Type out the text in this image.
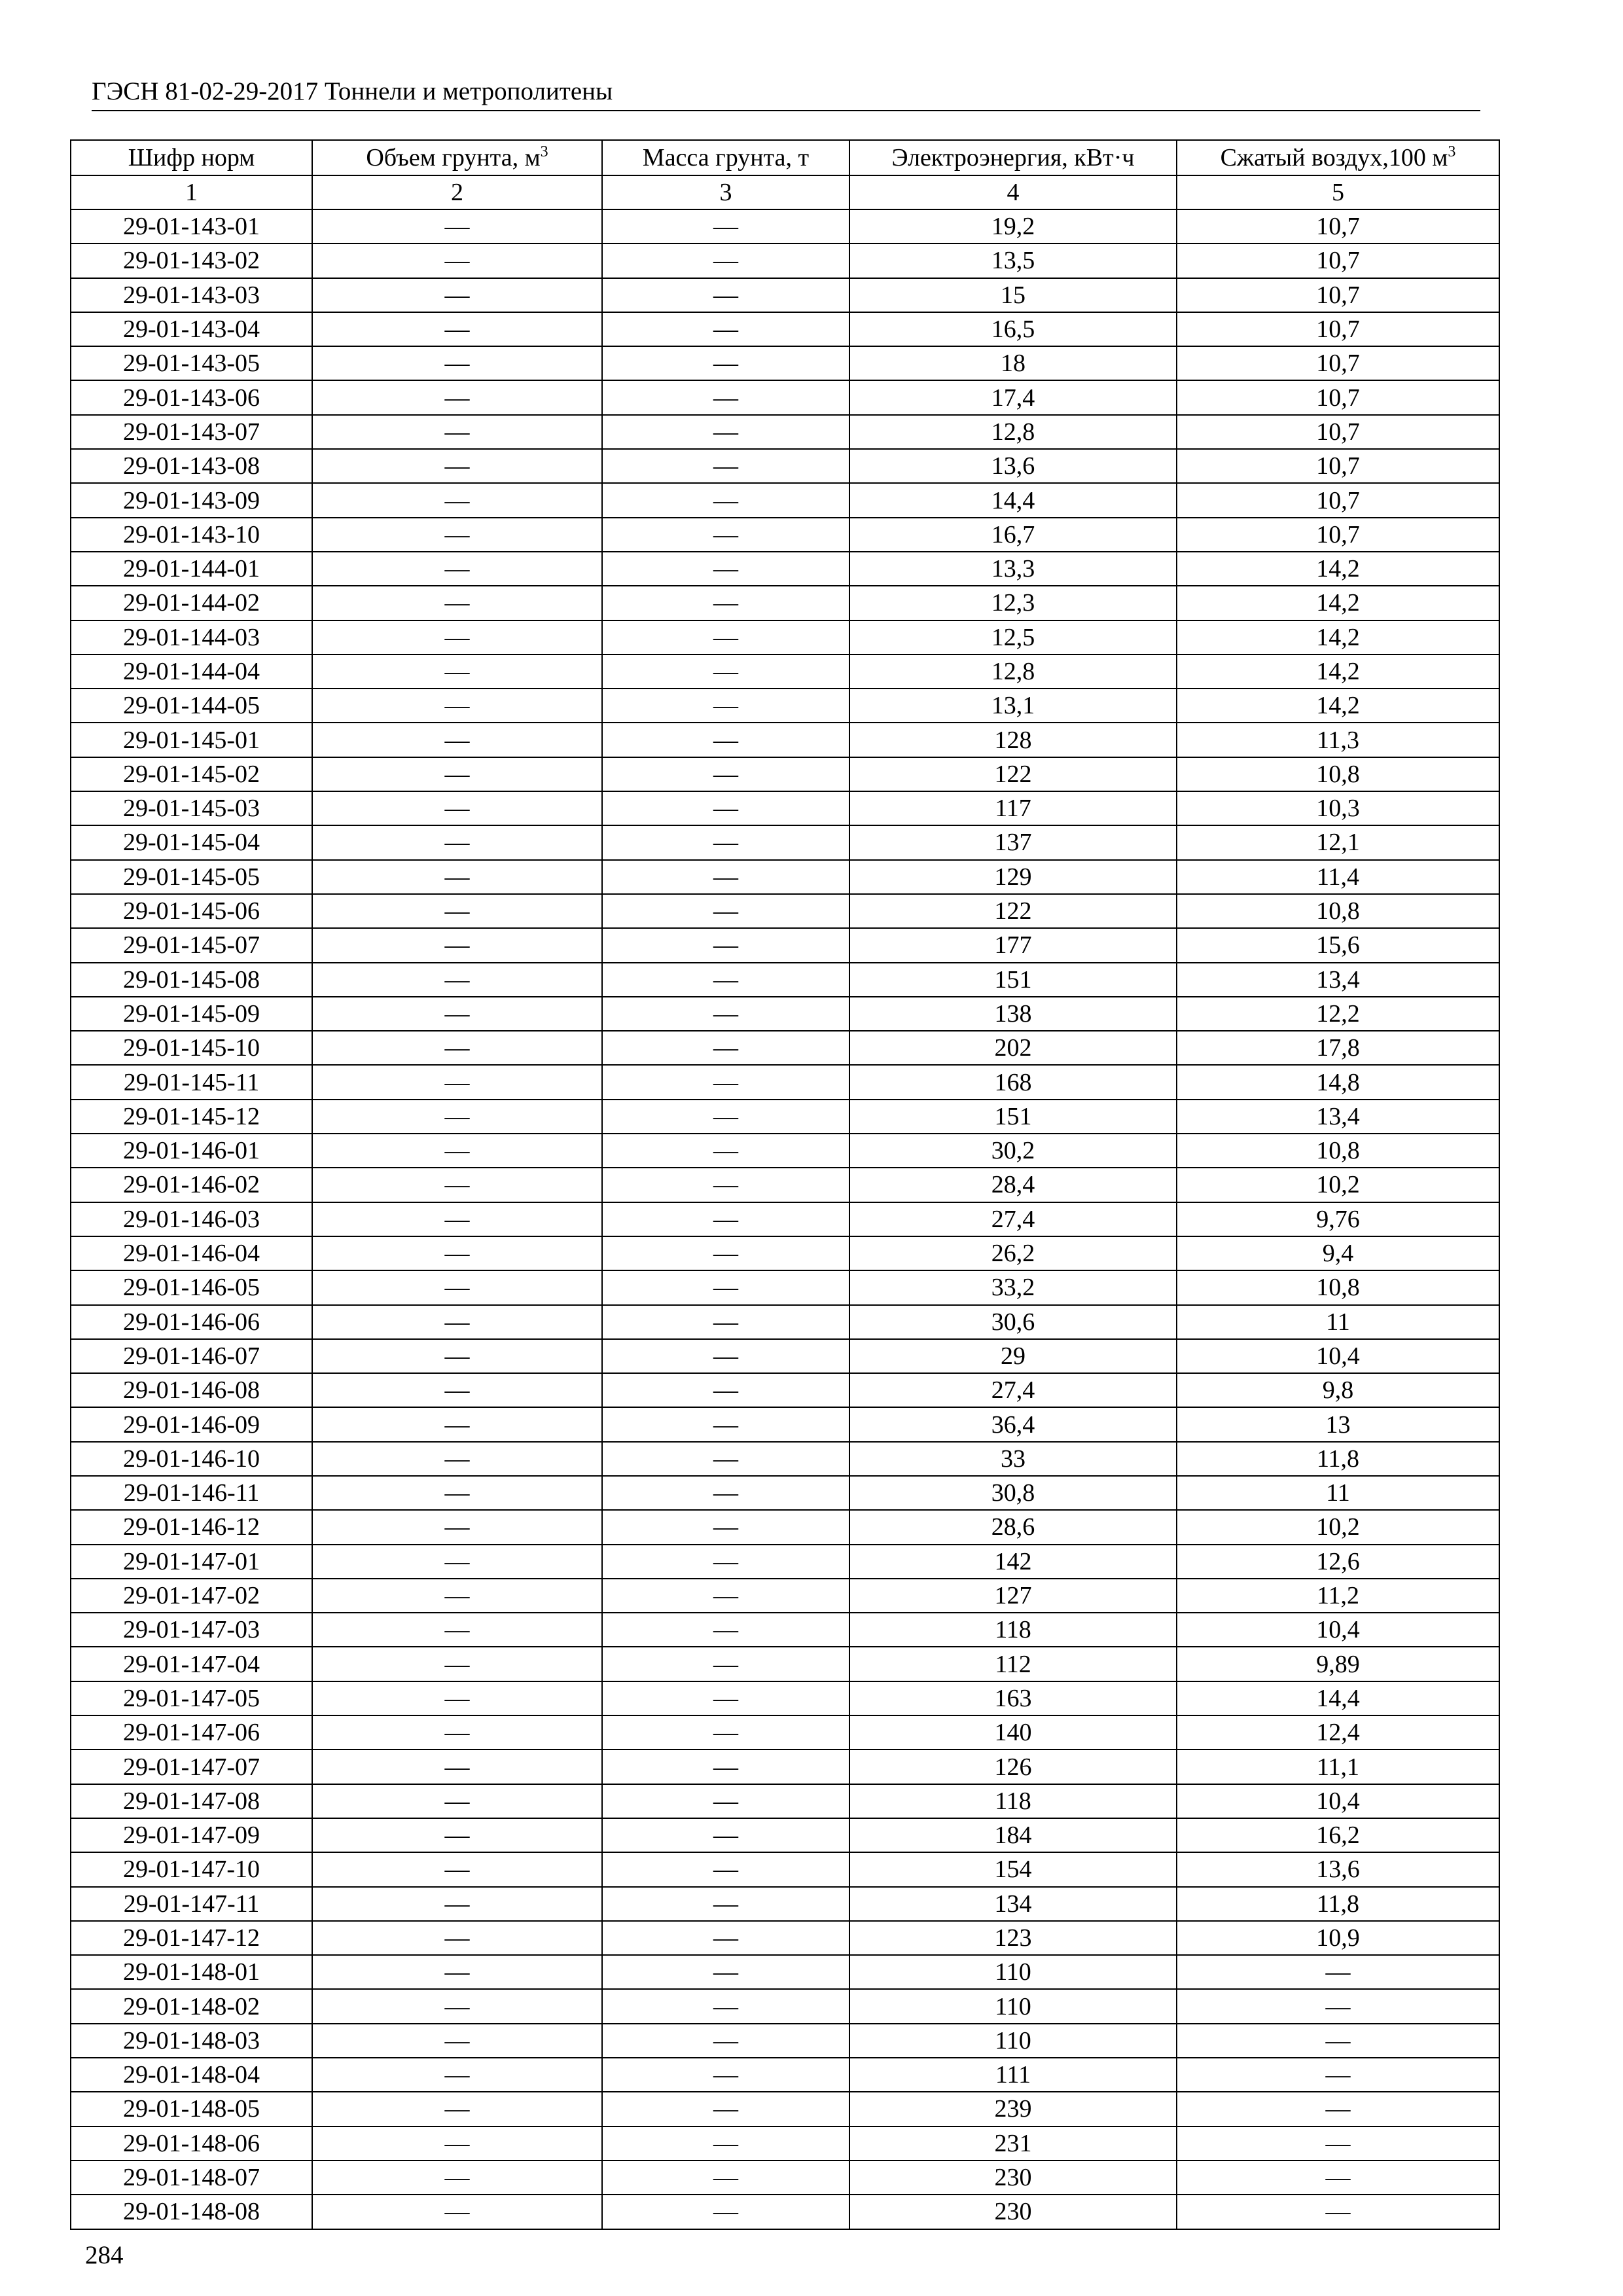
ГЭСН 81-02-29-2017 Тоннели и метрополитены
Шифр норм	Объем грунта, $м^3$	Масса грунта, т	Электроэнергия, кВт·ч	Сжатый воздух,100 $м^3$
1	2	3	4	5
29-01-143-01	—	—	19,2	10,7
29-01-143-02	—	—	13,5	10,7
29-01-143-03	—	—	15	10,7
29-01-143-04	—	—	16,5	10,7
29-01-143-05	—	—	18	10,7
29-01-143-06	—	—	17,4	10,7
29-01-143-07	—	—	12,8	10,7
29-01-143-08	—	—	13,6	10,7
29-01-143-09	—	—	14,4	10,7
29-01-143-10	—	—	16,7	10,7
29-01-144-01	—	—	13,3	14,2
29-01-144-02	—	—	12,3	14,2
29-01-144-03	—	—	12,5	14,2
29-01-144-04	—	—	12,8	14,2
29-01-144-05	—	—	13,1	14,2
29-01-145-01	—	—	128	11,3
29-01-145-02	—	—	122	10,8
29-01-145-03	—	—	117	10,3
29-01-145-04	—	—	137	12,1
29-01-145-05	—	—	129	11,4
29-01-145-06	—	—	122	10,8
29-01-145-07	—	—	177	15,6
29-01-145-08	—	—	151	13,4
29-01-145-09	—	—	138	12,2
29-01-145-10	—	—	202	17,8
29-01-145-11	—	—	168	14,8
29-01-145-12	—	—	151	13,4
29-01-146-01	—	—	30,2	10,8
29-01-146-02	—	—	28,4	10,2
29-01-146-03	—	—	27,4	9,76
29-01-146-04	—	—	26,2	9,4
29-01-146-05	—	—	33,2	10,8
29-01-146-06	—	—	30,6	11
29-01-146-07	—	—	29	10,4
29-01-146-08	—	—	27,4	9,8
29-01-146-09	—	—	36,4	13
29-01-146-10	—	—	33	11,8
29-01-146-11	—	—	30,8	11
29-01-146-12	—	—	28,6	10,2
29-01-147-01	—	—	142	12,6
29-01-147-02	—	—	127	11,2
29-01-147-03	—	—	118	10,4
29-01-147-04	—	—	112	9,89
29-01-147-05	—	—	163	14,4
29-01-147-06	—	—	140	12,4
29-01-147-07	—	—	126	11,1
29-01-147-08	—	—	118	10,4
29-01-147-09	—	—	184	16,2
29-01-147-10	—	—	154	13,6
29-01-147-11	—	—	134	11,8
29-01-147-12	—	—	123	10,9
29-01-148-01	—	—	110	—
29-01-148-02	—	—	110	—
29-01-148-03	—	—	110	—
29-01-148-04	—	—	111	—
29-01-148-05	—	—	239	—
29-01-148-06	—	—	231	—
29-01-148-07	—	—	230	—
29-01-148-08	—	—	230	—
284
